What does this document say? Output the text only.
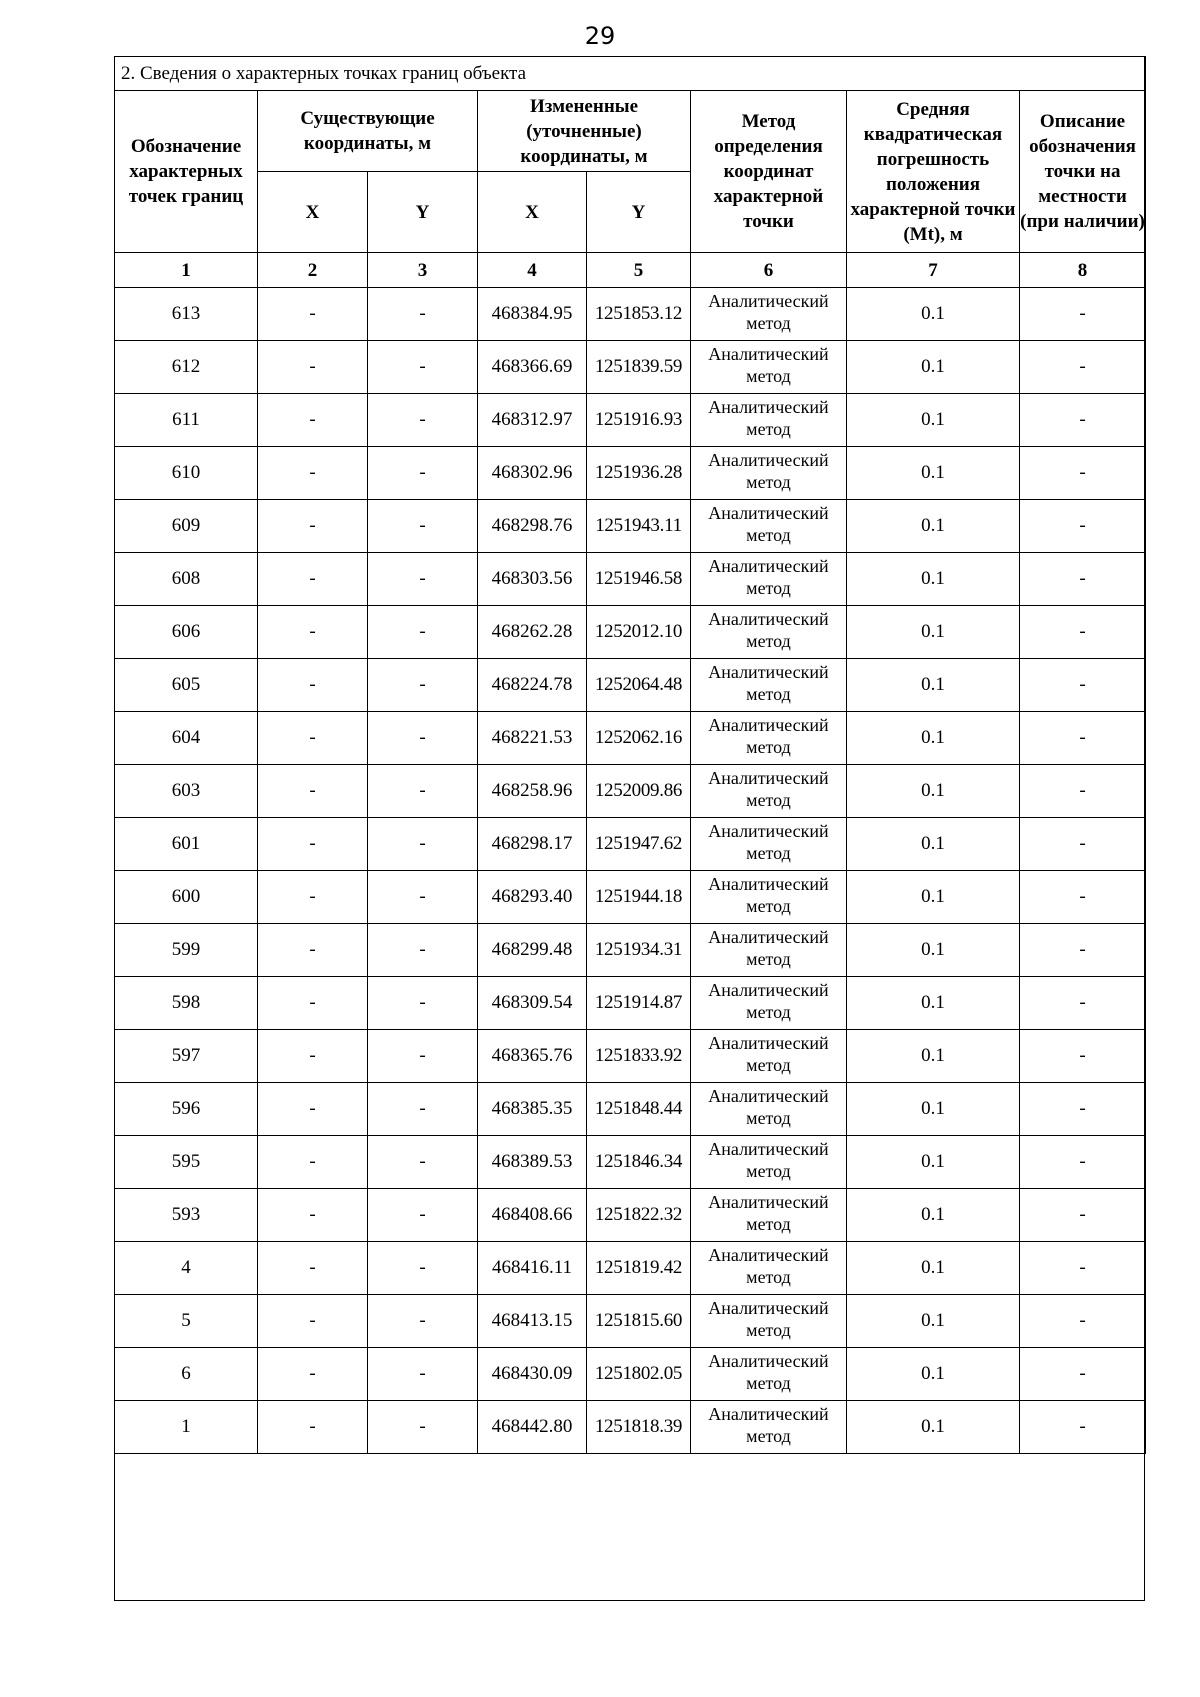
29
2. Сведения о характерных точках границ объекта							
Обозначение характерных точек границ	Существующие координаты, м		Измененные (уточненные) координаты, м		Метод определения координат характерной точки	Средняя квадратическая погрешность положения характерной точки (Mt), м	Описание обозначения точки на местности (при наличии)
	X	Y	X	Y			
1	2	3	4	5	6	7	8
613	-	-	468384.95	1251853.12	Аналитический метод	0.1	-
612	-	-	468366.69	1251839.59	Аналитический метод	0.1	-
611	-	-	468312.97	1251916.93	Аналитический метод	0.1	-
610	-	-	468302.96	1251936.28	Аналитический метод	0.1	-
609	-	-	468298.76	1251943.11	Аналитический метод	0.1	-
608	-	-	468303.56	1251946.58	Аналитический метод	0.1	-
606	-	-	468262.28	1252012.10	Аналитический метод	0.1	-
605	-	-	468224.78	1252064.48	Аналитический метод	0.1	-
604	-	-	468221.53	1252062.16	Аналитический метод	0.1	-
603	-	-	468258.96	1252009.86	Аналитический метод	0.1	-
601	-	-	468298.17	1251947.62	Аналитический метод	0.1	-
600	-	-	468293.40	1251944.18	Аналитический метод	0.1	-
599	-	-	468299.48	1251934.31	Аналитический метод	0.1	-
598	-	-	468309.54	1251914.87	Аналитический метод	0.1	-
597	-	-	468365.76	1251833.92	Аналитический метод	0.1	-
596	-	-	468385.35	1251848.44	Аналитический метод	0.1	-
595	-	-	468389.53	1251846.34	Аналитический метод	0.1	-
593	-	-	468408.66	1251822.32	Аналитический метод	0.1	-
4	-	-	468416.11	1251819.42	Аналитический метод	0.1	-
5	-	-	468413.15	1251815.60	Аналитический метод	0.1	-
6	-	-	468430.09	1251802.05	Аналитический метод	0.1	-
1	-	-	468442.80	1251818.39	Аналитический метод	0.1	-
